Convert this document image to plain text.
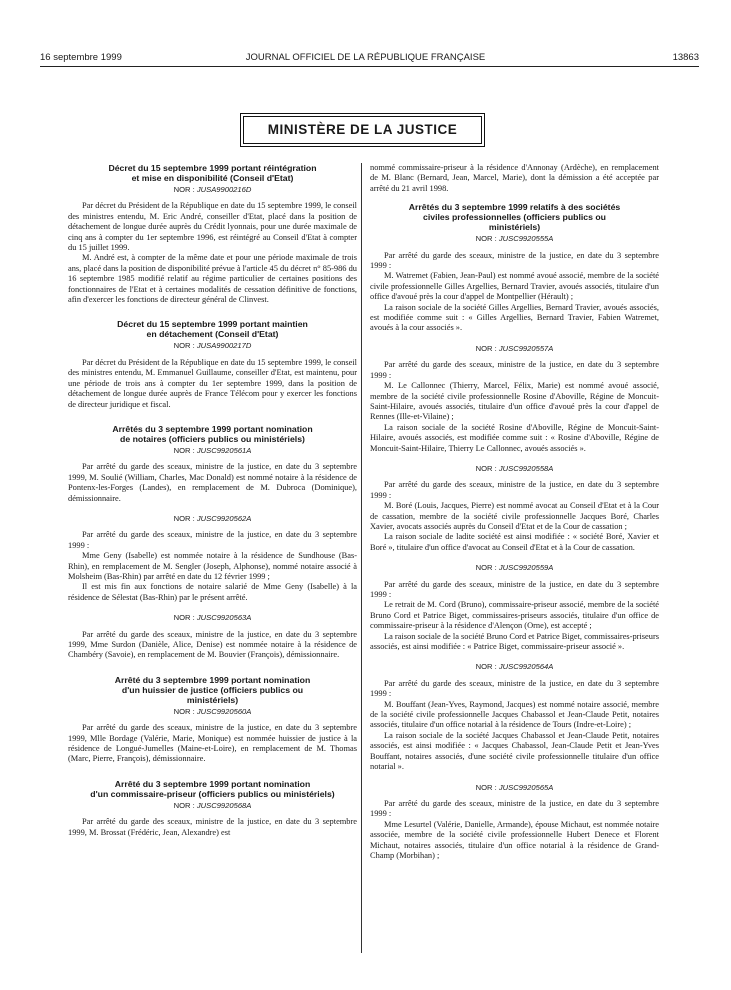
16 septembre 1999	JOURNAL OFFICIEL DE LA RÉPUBLIQUE FRANÇAISE	13863
MINISTÈRE DE LA JUSTICE
Décret du 15 septembre 1999 portant réintégration
et mise en disponibilité (Conseil d'Etat)
NOR : JUSA9900216D

Par décret du Président de la République en date du 15 septembre 1999, le conseil des ministres entendu, M. Eric André, conseiller d'Etat, placé dans la position de détachement de longue durée auprès du Crédit lyonnais, pour une durée maximale de cinq ans à compter du 1er septembre 1996, est réintégré au Conseil d'Etat à compter du 15 juillet 1999.

M. André est, à compter de la même date et pour une période maximale de trois ans, placé dans la position de disponibilité prévue à l'article 45 du décret n° 85-986 du 16 septembre 1985 modifié relatif au régime particulier de certaines positions des fonctionnaires de l'Etat et à certaines modalités de cessation définitive de fonctions, afin d'exercer les fonctions de directeur général de Clinvest.

Décret du 15 septembre 1999 portant maintien
en détachement (Conseil d'Etat)
NOR : JUSA9900217D

Par décret du Président de la République en date du 15 septembre 1999, le conseil des ministres entendu, M. Emmanuel Guillaume, conseiller d'Etat, est maintenu, pour une période de trois ans à compter du 1er septembre 1999, dans la position de détachement de longue durée auprès de France Télécom pour y exercer les fonctions de directeur juridique et fiscal.

Arrêtés du 3 septembre 1999 portant nomination
de notaires (officiers publics ou ministériels)
NOR : JUSC9920561A

Par arrêté du garde des sceaux, ministre de la justice, en date du 3 septembre 1999, M. Soulié (William, Charles, Mac Donald) est nommé notaire à la résidence de Pontenx-les-Forges (Landes), en remplacement de M. Dubroca (Dominique), démissionnaire.

NOR : JUSC9920562A

Par arrêté du garde des sceaux, ministre de la justice, en date du 3 septembre 1999 :

Mme Geny (Isabelle) est nommée notaire à la résidence de Sundhouse (Bas-Rhin), en remplacement de M. Sengler (Joseph, Alphonse), nommé notaire associé à Molsheim (Bas-Rhin) par arrêté en date du 12 février 1999 ;

Il est mis fin aux fonctions de notaire salarié de Mme Geny (Isabelle) à la résidence de Sélestat (Bas-Rhin) par le présent arrêté.

NOR : JUSC9920563A

Par arrêté du garde des sceaux, ministre de la justice, en date du 3 septembre 1999, Mme Surdon (Danièle, Alice, Denise) est nommée notaire à la résidence de Chambéry (Savoie), en remplacement de M. Bouvier (François), démissionnaire.

Arrêté du 3 septembre 1999 portant nomination
d'un huissier de justice (officiers publics ou
ministériels)
NOR : JUSC9920560A

Par arrêté du garde des sceaux, ministre de la justice, en date du 3 septembre 1999, Mlle Bordage (Valérie, Marie, Monique) est nommée huissier de justice à la résidence de Longué-Jumelles (Maine-et-Loire), en remplacement de M. Thomas (Marc, Pierre, François), démissionnaire.

Arrêté du 3 septembre 1999 portant nomination
d'un commissaire-priseur (officiers publics ou ministériels)
NOR : JUSC9920568A

Par arrêté du garde des sceaux, ministre de la justice, en date du 3 septembre 1999, M. Brossat (Frédéric, Jean, Alexandre) est

nommé commissaire-priseur à la résidence d'Annonay (Ardèche), en remplacement de M. Blanc (Bernard, Jean, Marcel, Marie), dont la démission a été acceptée par arrêté du 21 avril 1998.

Arrêtés du 3 septembre 1999 relatifs à des sociétés
civiles professionnelles (officiers publics ou
ministériels)
NOR : JUSC9920555A

Par arrêté du garde des sceaux, ministre de la justice, en date du 3 septembre 1999 :

M. Watremet (Fabien, Jean-Paul) est nommé avoué associé, membre de la société civile professionnelle Gilles Argellies, Bernard Travier, avoués associés, titulaire d'un office d'avoué près la cour d'appel de Montpellier (Hérault) ;

La raison sociale de la société Gilles Argellies, Bernard Travier, avoués associés, est modifiée comme suit : « Gilles Argellies, Bernard Travier, Fabien Watremet, avoués à la cour associés ».

NOR : JUSC9920557A

Par arrêté du garde des sceaux, ministre de la justice, en date du 3 septembre 1999 :

M. Le Callonnec (Thierry, Marcel, Félix, Marie) est nommé avoué associé, membre de la société civile professionnelle Rosine d'Aboville, Régine de Moncuit-Saint-Hilaire, avoués associés, titulaire d'un office d'avoué près la cour d'appel de Rennes (Ille-et-Vilaine) ;

La raison sociale de la société Rosine d'Aboville, Régine de Moncuit-Saint-Hilaire, avoués associés, est modifiée comme suit : « Rosine d'Aboville, Régine de Moncuit-Saint-Hilaire, Thierry Le Callonnec, avoués associés ».

NOR : JUSC9920558A

Par arrêté du garde des sceaux, ministre de la justice, en date du 3 septembre 1999 :

M. Boré (Louis, Jacques, Pierre) est nommé avocat au Conseil d'Etat et à la Cour de cassation, membre de la société civile professionnelle Jacques Boré, Charles Xavier, avocats associés auprès du Conseil d'Etat et de la Cour de cassation ;

La raison sociale de ladite société est ainsi modifiée : « société Boré, Xavier et Boré », titulaire d'un office d'avocat au Conseil d'Etat et à la Cour de cassation.

NOR : JUSC9920559A

Par arrêté du garde des sceaux, ministre de la justice, en date du 3 septembre 1999 :

Le retrait de M. Cord (Bruno), commissaire-priseur associé, membre de la société Bruno Cord et Patrice Biget, commissaires-priseurs associés, titulaire d'un office de commissaire-priseur à la résidence d'Alençon (Orne), est accepté ;

La raison sociale de la société Bruno Cord et Patrice Biget, commissaires-priseurs associés, est ainsi modifiée : « Patrice Biget, commissaire-priseur associé ».

NOR : JUSC9920564A

Par arrêté du garde des sceaux, ministre de la justice, en date du 3 septembre 1999 :

M. Bouffant (Jean-Yves, Raymond, Jacques) est nommé notaire associé, membre de la société civile professionnelle Jacques Chabassol et Jean-Claude Petit, notaires associés, titulaire d'un office notarial à la résidence de Tours (Indre-et-Loire) ;

La raison sociale de la société Jacques Chabassol et Jean-Claude Petit, notaires associés, est ainsi modifiée : « Jacques Chabassol, Jean-Claude Petit et Jean-Yves Bouffant, notaires associés, d'une société civile professionnelle titulaire d'un office notarial ».

NOR : JUSC9920565A

Par arrêté du garde des sceaux, ministre de la justice, en date du 3 septembre 1999 :

Mme Lesurtel (Valérie, Danielle, Armande), épouse Michaut, est nommée notaire associée, membre de la société civile professionnelle Hubert Denece et Florent Michaut, notaires associés, titulaire d'un office notarial à la résidence de Grand-Champ (Morbihan) ;
